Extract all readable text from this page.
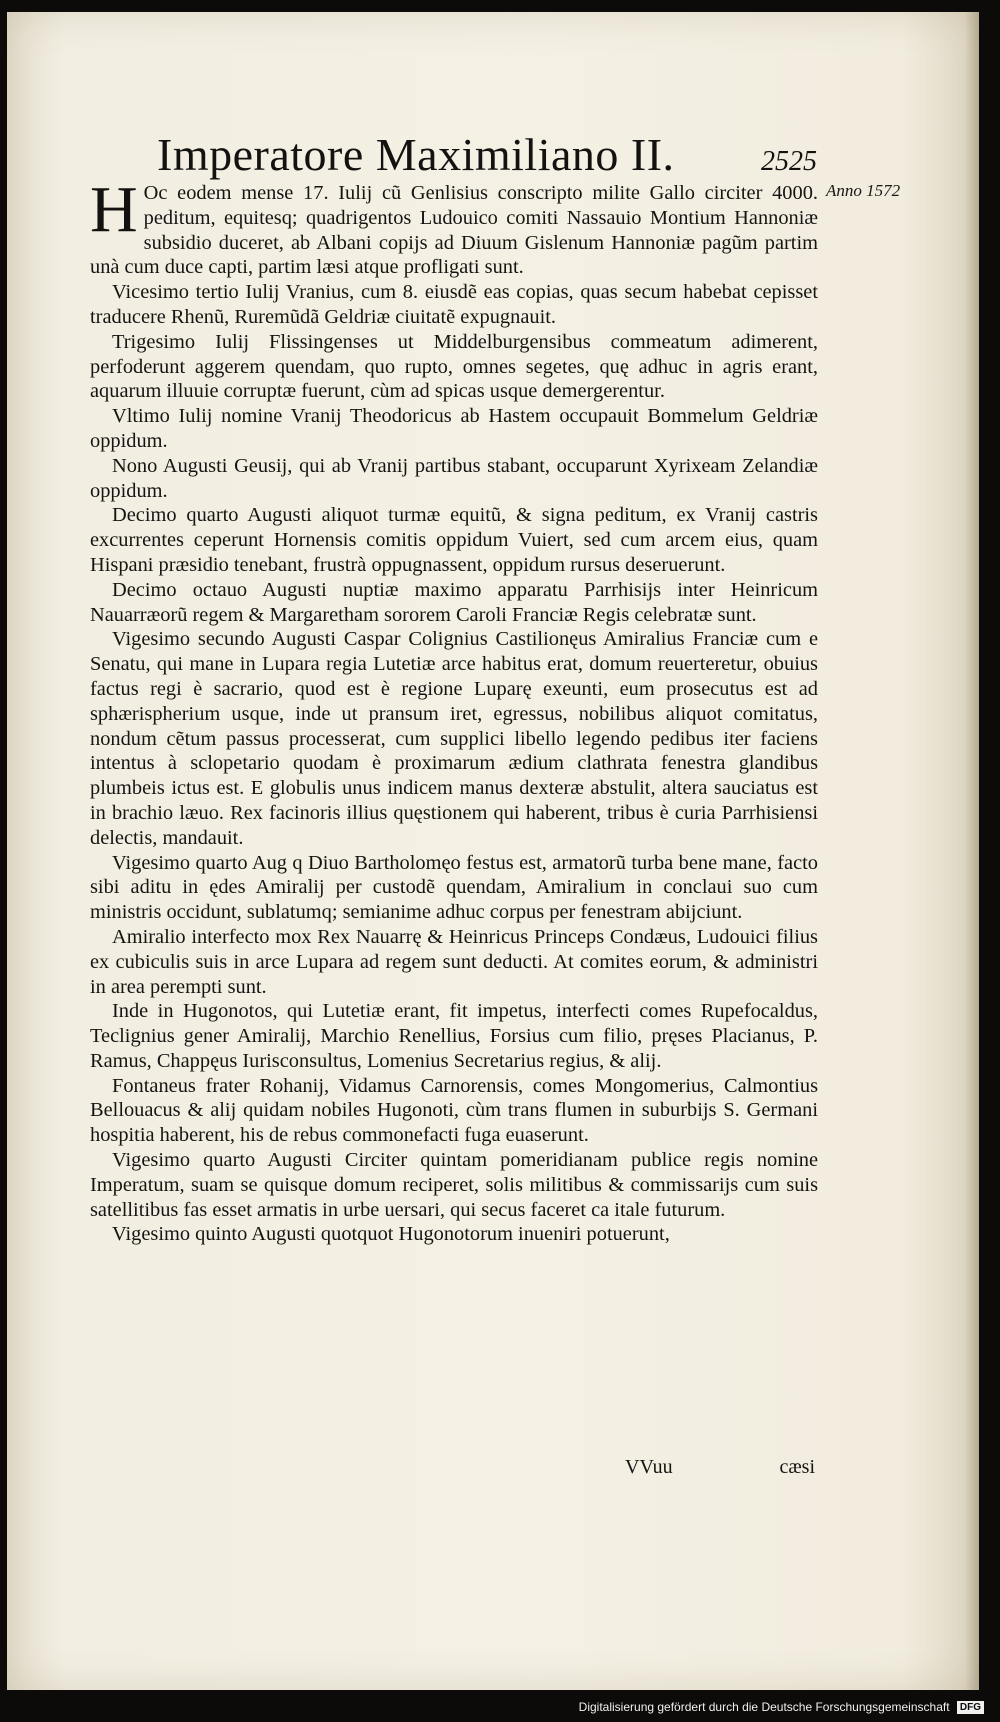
Imperatore Maximiliano II.	2525
Anno 1572

H Oc eodem mense 17. Iulij cũ Genlisius conscripto milite Gallo circiter 4000. peditum, equitesq; quadrigentos Ludouico comiti Nassauio Montium Hannoniæ subsidio duceret, ab Albani copijs ad Diuum Gislenum Hannoniæ pagũm partim unà cum duce capti, partim læsi atque profligati sunt.

Vicesimo tertio Iulij Vranius, cum 8. eiusdẽ eas copias, quas secum habebat cepisset traducere Rhenũ, Ruremũdã Geldriæ ciuitatẽ expugnauit.

Trigesimo Iulij Flissingenses ut Middelburgensibus commeatum adimerent, perfoderunt aggerem quendam, quo rupto, omnes segetes, quę adhuc in agris erant, aquarum illuuie corruptæ fuerunt, cùm ad spicas usque demergerentur.

Vltimo Iulij nomine Vranij Theodoricus ab Hastem occupauit Bommelum Geldriæ oppidum.

Nono Augusti Geusij, qui ab Vranij partibus stabant, occuparunt Xyrixeam Zelandiæ oppidum.

Decimo quarto Augusti aliquot turmæ equitũ, & signa peditum, ex Vranij castris excurrentes ceperunt Hornensis comitis oppidum Vuiert, sed cum arcem eius, quam Hispani præsidio tenebant, frustrà oppugnassent, oppidum rursus deseruerunt.

Decimo octauo Augusti nuptiæ maximo apparatu Parrhisijs inter Heinricum Nauarræorũ regem & Margaretham sororem Caroli Franciæ Regis celebratæ sunt.

Vigesimo secundo Augusti Caspar Colignius Castilionęus Amiralius Franciæ cum e Senatu, qui mane in Lupara regia Lutetiæ arce habitus erat, domum reuerteretur, obuius factus regi è sacrario, quod est è regione Luparę exeunti, eum prosecutus est ad sphærispherium usque, inde ut pransum iret, egressus, nobilibus aliquot comitatus, nondum cẽtum passus processerat, cum supplici libello legendo pedibus iter faciens intentus à sclopetario quodam è proximarum ædium clathrata fenestra glandibus plumbeis ictus est. E globulis unus indicem manus dexteræ abstulit, altera sauciatus est in brachio læuo. Rex facinoris illius quęstionem qui haberent, tribus è curia Parrhisiensi delectis, mandauit.

Vigesimo quarto Aug q Diuo Bartholomęo festus est, armatorũ turba bene mane, facto sibi aditu in ędes Amiralij per custodẽ quendam, Amiralium in conclaui suo cum ministris occidunt, sublatumq; semianime adhuc corpus per fenestram abijciunt.

Amiralio interfecto mox Rex Nauarrę & Heinricus Princeps Condæus, Ludouici filius ex cubiculis suis in arce Lupara ad regem sunt deducti. At comites eorum, & administri in area perempti sunt.

Inde in Hugonotos, qui Lutetiæ erant, fit impetus, interfecti comes Rupefocaldus, Teclignius gener Amiralij, Marchio Renellius, Forsius cum filio, pręses Placianus, P. Ramus, Chappęus Iurisconsultus, Lomenius Secretarius regius, & alij.

Fontaneus frater Rohanij, Vidamus Carnorensis, comes Mongomerius, Calmontius Bellouacus & alij quidam nobiles Hugonoti, cùm trans flumen in suburbijs S. Germani hospitia haberent, his de rebus commonefacti fuga euaserunt.

Vigesimo quarto Augusti Circiter quintam pomeridianam publice regis nomine Imperatum, suam se quisque domum reciperet, solis militibus & commissarijs cum suis satellitibus fas esset armatis in urbe uersari, qui secus faceret ca itale futurum.

Vigesimo quinto Augusti quotquot Hugonotorum inueniri potuerunt,

VVuu	cæsi
Digitalisierung gefördert durch die Deutsche Forschungsgemeinschaft DFG
